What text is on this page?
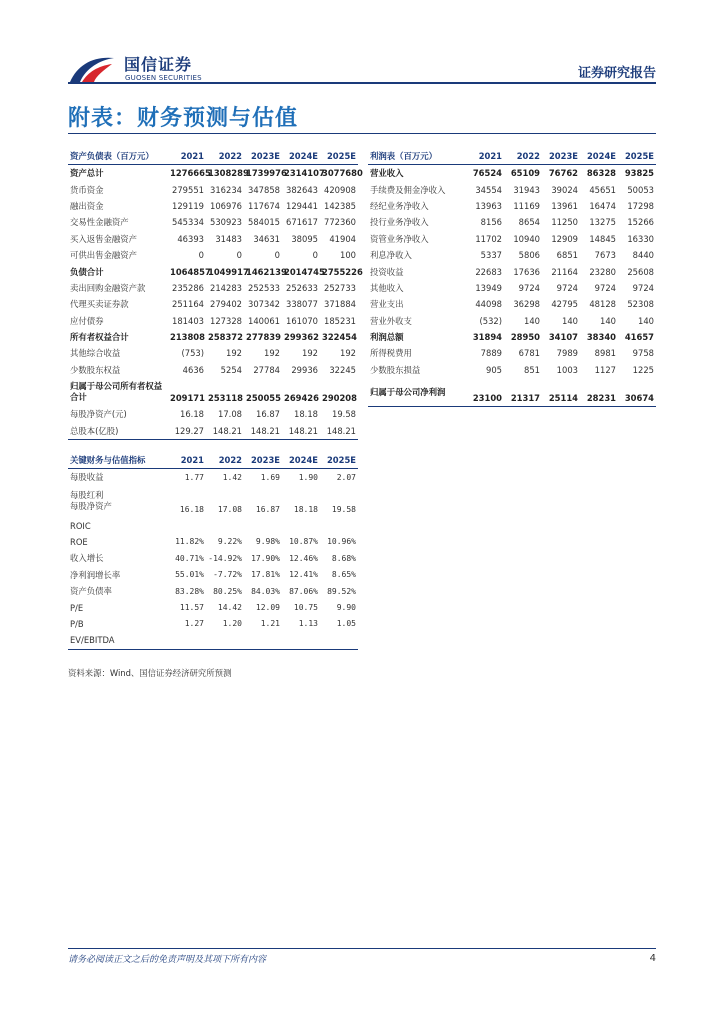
国信证券
GUOSEN SECURITIES	证券研究报告
附表：财务预测与估值
资产负债表（百万元）	2021	2022	2023E	2024E	2025E
资产总计	1276665	1308289	1739976	2314107	3077680
货币资金	279551	316234	347858	382643	420908
融出资金	129119	106976	117674	129441	142385
交易性金融资产	545334	530923	584015	671617	772360
买入返售金融资产	46393	31483	34631	38095	41904
可供出售金融资产	0	0	0	0	100
负债合计	1064857	1049917	1462139	2014745	2755226
卖出回购金融资产款	235286	214283	252533	252633	252733
代理买卖证券款	251164	279402	307342	338077	371884
应付债券	181403	127328	140061	161070	185231
所有者权益合计	213808	258372	277839	299362	322454
其他综合收益	(753)	192	192	192	192
少数股东权益	4636	5254	27784	29936	32245
归属于母公司所有者权益合计	209171	253118	250055	269426	290208
每股净资产(元)	16.18	17.08	16.87	18.18	19.58
总股本(亿股)	129.27	148.21	148.21	148.21	148.21
利润表（百万元）	2021	2022	2023E	2024E	2025E
营业收入	76524	65109	76762	86328	93825
手续费及佣金净收入	34554	31943	39024	45651	50053
经纪业务净收入	13963	11169	13961	16474	17298
投行业务净收入	8156	8654	11250	13275	15266
资管业务净收入	11702	10940	12909	14845	16330
利息净收入	5337	5806	6851	7673	8440
投资收益	22683	17636	21164	23280	25608
其他收入	13949	9724	9724	9724	9724
营业支出	44098	36298	42795	48128	52308
营业外收支	(532)	140	140	140	140
利润总额	31894	28950	34107	38340	41657
所得税费用	7889	6781	7989	8981	9758
少数股东损益	905	851	1003	1127	1225
归属于母公司净利润	23100	21317	25114	28231	30674
关键财务与估值指标	2021	2022	2023E	2024E	2025E
每股收益	1.77	1.42	1.69	1.90	2.07
每股红利
每股净资产	16.18	17.08	16.87	18.18	19.58
ROIC					
ROE	11.82%	9.22%	9.98%	10.87%	10.96%
收入增长	40.71%	-14.92%	17.90%	12.46%	8.68%
净利润增长率	55.01%	-7.72%	17.81%	12.41%	8.65%
资产负债率	83.28%	80.25%	84.03%	87.06%	89.52%
P/E	11.57	14.42	12.09	10.75	9.90
P/B	1.27	1.20	1.21	1.13	1.05
EV/EBITDA					
资料来源：Wind、国信证券经济研究所预测
请务必阅读正文之后的免责声明及其项下所有内容	4
